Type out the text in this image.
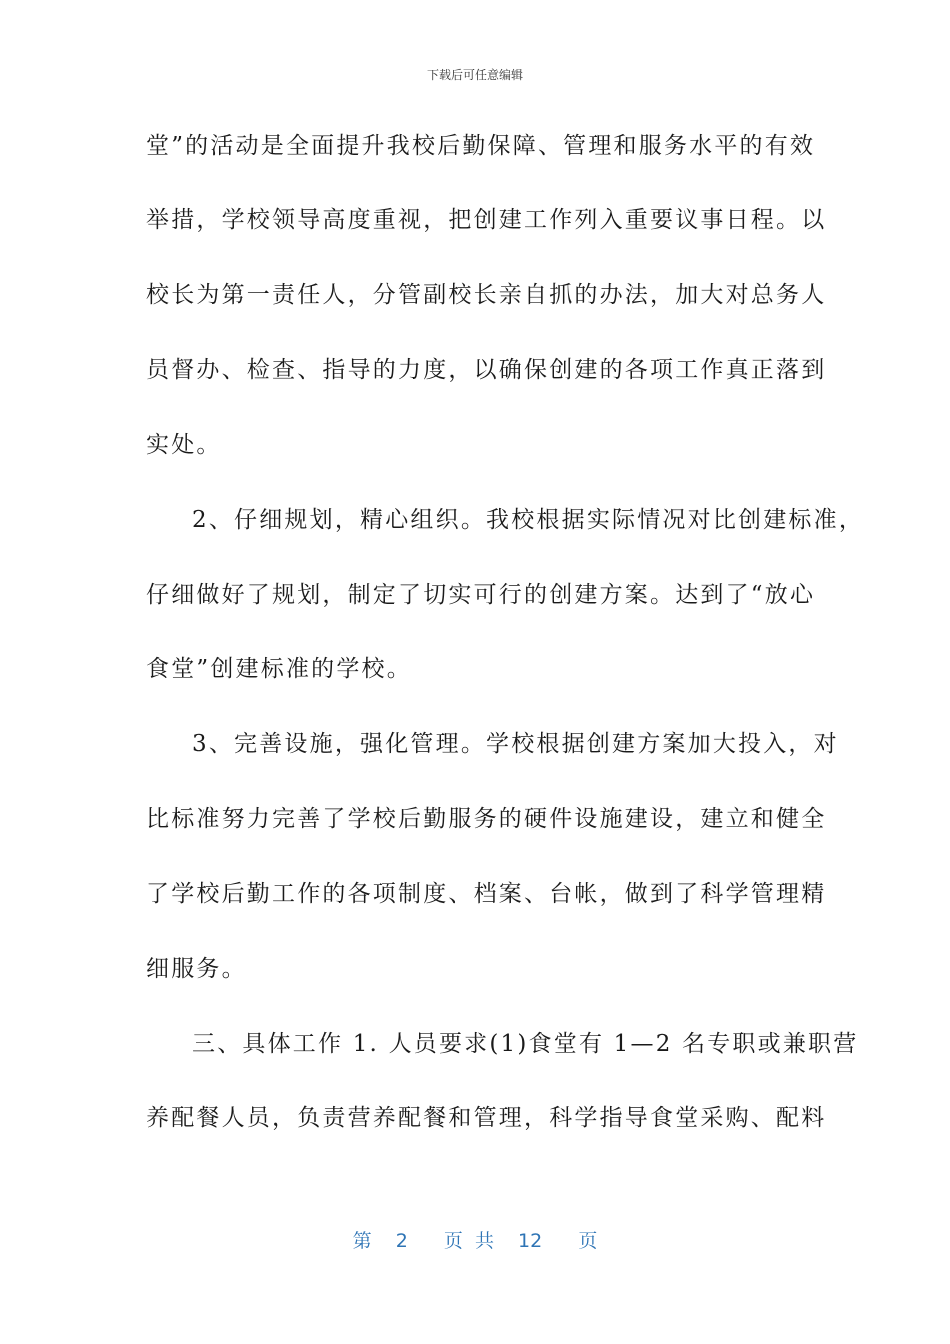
下载后可任意编辑
堂”的活动是全面提升我校后勤保障、管理和服务水平的有效
举措，学校领导高度重视，把创建工作列入重要议事日程。以
校长为第一责任人，分管副校长亲自抓的办法，加大对总务人
员督办、检查、指导的力度，以确保创建的各项工作真正落到
实处。
2、仔细规划，精心组织。我校根据实际情况对比创建标准，
仔细做好了规划，制定了切实可行的创建方案。达到了“放心
食堂”创建标准的学校。
3、完善设施，强化管理。学校根据创建方案加大投入，对
比标准努力完善了学校后勤服务的硬件设施建设，建立和健全
了学校后勤工作的各项制度、档案、台帐，做到了科学管理精
细服务。
三、具体工作 1. 人员要求(1)食堂有 1—2 名专职或兼职营
养配餐人员，负责营养配餐和管理，科学指导食堂采购、配料
第  2   页 共  12   页
